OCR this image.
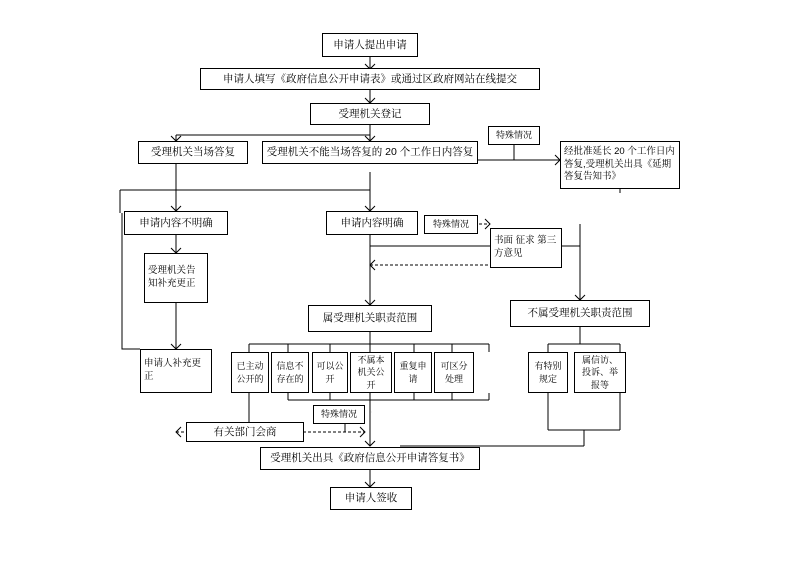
申请人提出申请
申请人填写《政府信息公开申请表》或通过区政府网站在线提交
受理机关登记
受理机关当场答复	受理机关不能当场答复的 20 个工作日内答复
特殊情况
经批准延长 20 个工作日内答复,受理机关出具《延期答复告知书》
申请内容不明确	申请内容明确	特殊情况
书面 征求 第三方意见
受理机关告知补充更正
申请人补充更正
属受理机关职责范围	不属受理机关职责范围
已主动公开的
信息不存在的
可以公开
不属本机关公开
重复申请
可区分处理
有特别规定
属信访、投诉、举报等
特殊情况
有关部门会商
受理机关出具《政府信息公开申请答复书》
申请人签收
